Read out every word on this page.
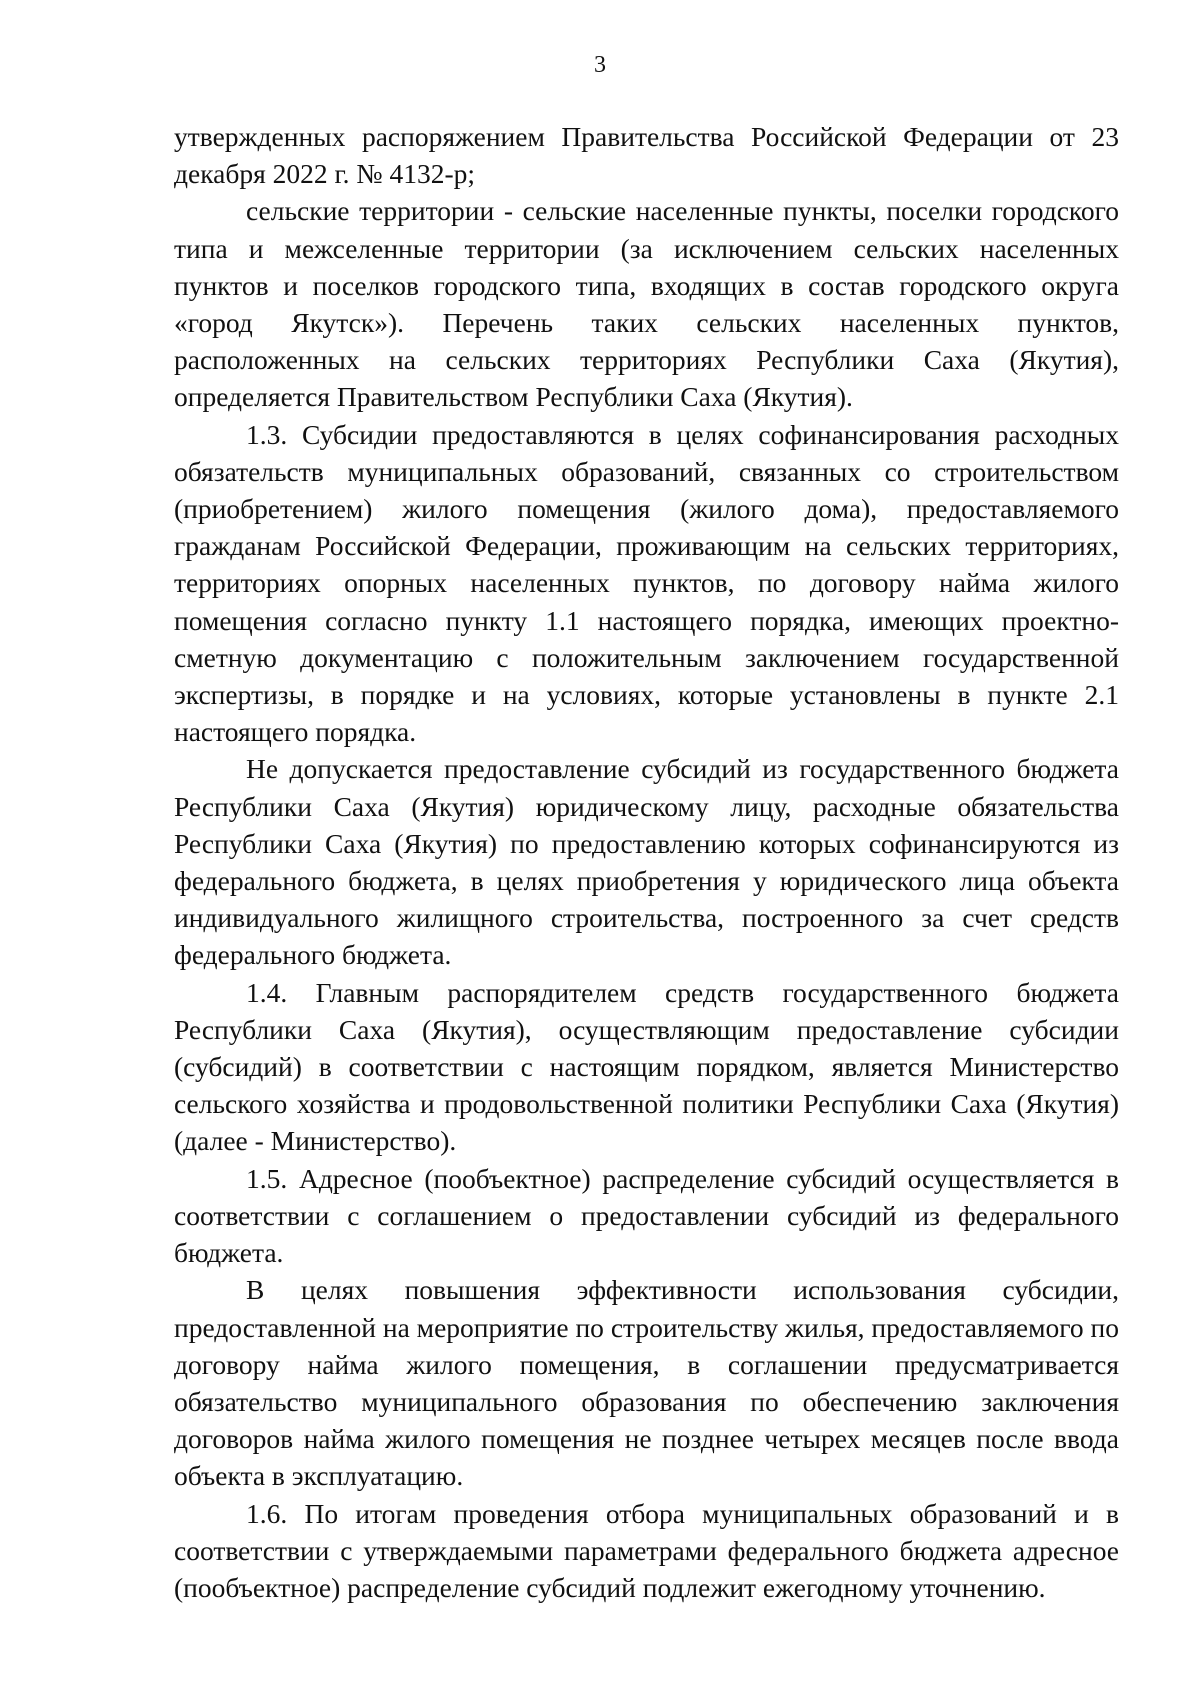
3

утвержденных распоряжением Правительства Российской Федерации от 23 декабря 2022 г. № 4132-р;

сельские территории - сельские населенные пункты, поселки городского типа и межселенные территории (за исключением сельских населенных пунктов и поселков городского типа, входящих в состав городского округа «город Якутск»). Перечень таких сельских населенных пунктов, расположенных на сельских территориях Республики Саха (Якутия), определяется Правительством Республики Саха (Якутия).

1.3. Субсидии предоставляются в целях софинансирования расходных обязательств муниципальных образований, связанных со строительством (приобретением) жилого помещения (жилого дома), предоставляемого гражданам Российской Федерации, проживающим на сельских территориях, территориях опорных населенных пунктов, по договору найма жилого помещения согласно пункту 1.1 настоящего порядка, имеющих проектно-сметную документацию с положительным заключением государственной экспертизы, в порядке и на условиях, которые установлены в пункте 2.1 настоящего порядка.

Не допускается предоставление субсидий из государственного бюджета Республики Саха (Якутия) юридическому лицу, расходные обязательства Республики Саха (Якутия) по предоставлению которых софинансируются из федерального бюджета, в целях приобретения у юридического лица объекта индивидуального жилищного строительства, построенного за счет средств федерального бюджета.

1.4. Главным распорядителем средств государственного бюджета Республики Саха (Якутия), осуществляющим предоставление субсидии (субсидий) в соответствии с настоящим порядком, является Министерство сельского хозяйства и продовольственной политики Республики Саха (Якутия) (далее - Министерство).

1.5. Адресное (пообъектное) распределение субсидий осуществляется в соответствии с соглашением о предоставлении субсидий из федерального бюджета.

В целях повышения эффективности использования субсидии, предоставленной на мероприятие по строительству жилья, предоставляемого по договору найма жилого помещения, в соглашении предусматривается обязательство муниципального образования по обеспечению заключения договоров найма жилого помещения не позднее четырех месяцев после ввода объекта в эксплуатацию.

1.6. По итогам проведения отбора муниципальных образований и в соответствии с утверждаемыми параметрами федерального бюджета адресное (пообъектное) распределение субсидий подлежит ежегодному уточнению.
